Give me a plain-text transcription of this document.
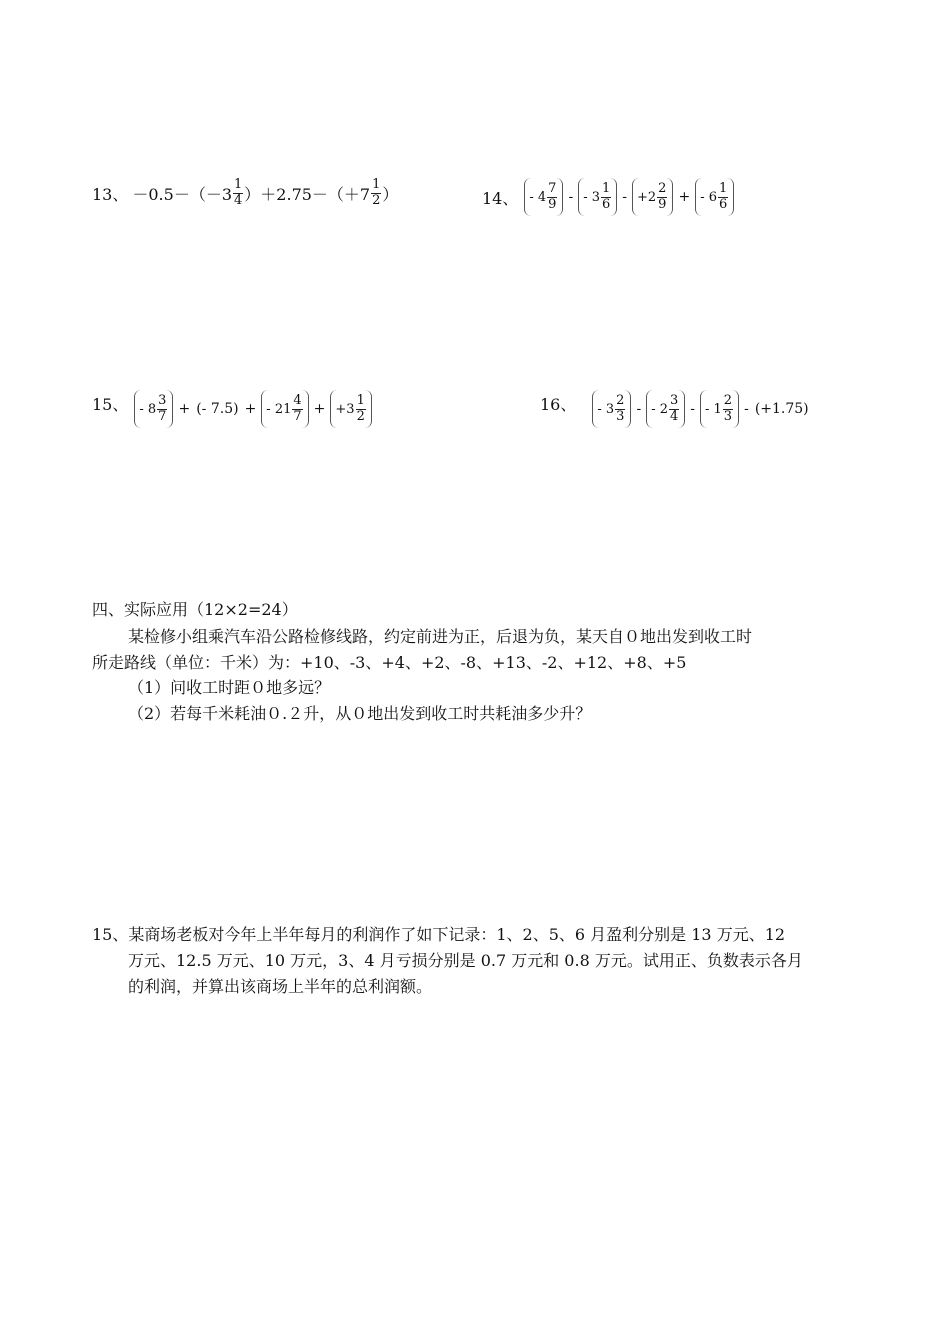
13、 $-0.5-(-3 \frac{1}{4} )+2.75-(+7 \frac{1}{2}$ ）	14、 - $4 \frac{7}{9}$ - - $3 \frac{1}{6} - +2 \frac{2}{9}$ + - $6 \frac{1}{6}$
15、 - $8 \frac{3}{7}$ + (- 7.5) + - $21 \frac{4}{7} + +3 \frac{1}{2}$	16、 - $3 \frac{2}{3}$ - - $2 \frac{3}{4}$ - - $1 \frac{2}{3} - (+1.75)$
四、实际应用（12×2=24）
某检修小组乘汽车沿公路检修线路，约定前进为正，后退为负，某天自０地出发到收工时
所走路线（单位：千米）为：+10、-3、+4、+2、-8、+13、-2、+12、+8、+5
（1）问收工时距０地多远？
（2）若每千米耗油０.２升，从０地出发到收工时共耗油多少升？
15、某商场老板对今年上半年每月的利润作了如下记录：1、2、5、6 月盈利分别是 13 万元、12
万元、12.5 万元、10 万元，3、4 月亏损分别是 0.7 万元和 0.8 万元。试用正、负数表示各月
的利润，并算出该商场上半年的总利润额。
